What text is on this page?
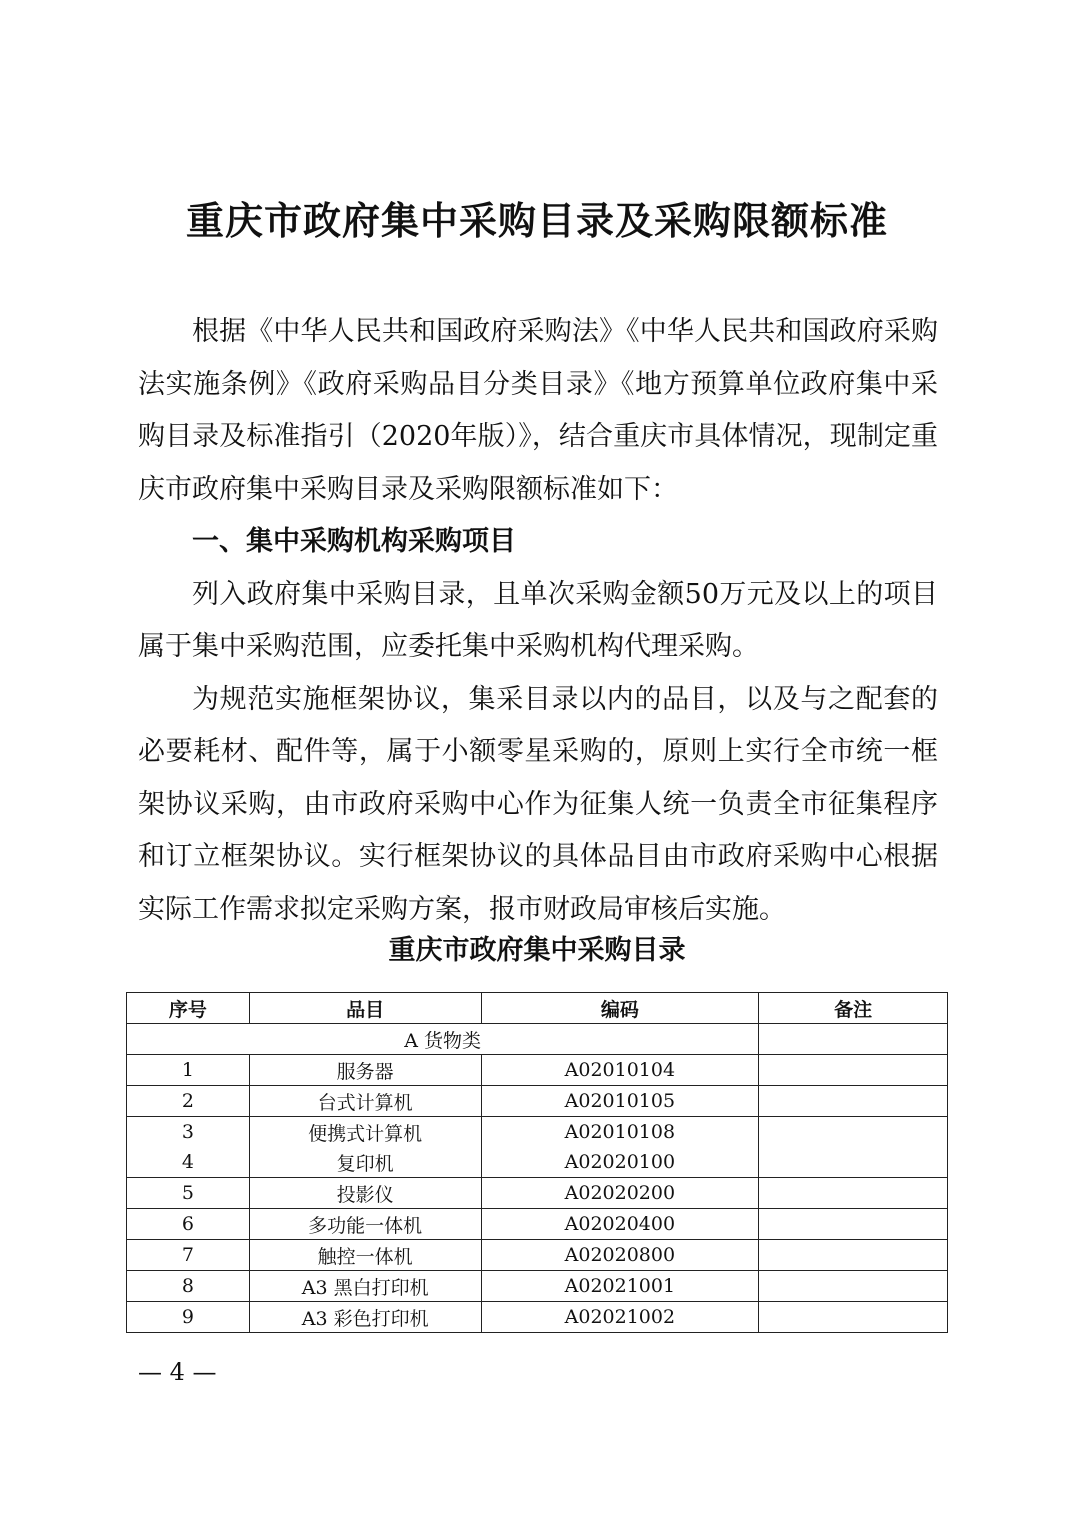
重庆市政府集中采购目录及采购限额标准

根据《中华人民共和国政府采购法》《中华人民共和国政府采购法实施条例》《政府采购品目分类目录》《地方预算单位政府集中采购目录及标准指引（2020年版）》，结合重庆市具体情况，现制定重庆市政府集中采购目录及采购限额标准如下：

一、集中采购机构采购项目

列入政府集中采购目录，且单次采购金额50万元及以上的项目属于集中采购范围，应委托集中采购机构代理采购。

为规范实施框架协议，集采目录以内的品目，以及与之配套的必要耗材、配件等，属于小额零星采购的，原则上实行全市统一框架协议采购，由市政府采购中心作为征集人统一负责全市征集程序和订立框架协议。实行框架协议的具体品目由市政府采购中心根据实际工作需求拟定采购方案，报市财政局审核后实施。

重庆市政府集中采购目录
序号	品目	编码	备注
A 货物类			
1	服务器	A02010104	
2	台式计算机	A02010105	
3	便携式计算机	A02010108	
4	复印机	A02020100	
5	投影仪	A02020200	
6	多功能一体机	A02020400	
7	触控一体机	A02020800	
8	A3 黑白打印机	A02021001	
9	A3 彩色打印机	A02021002	

— 4 —
